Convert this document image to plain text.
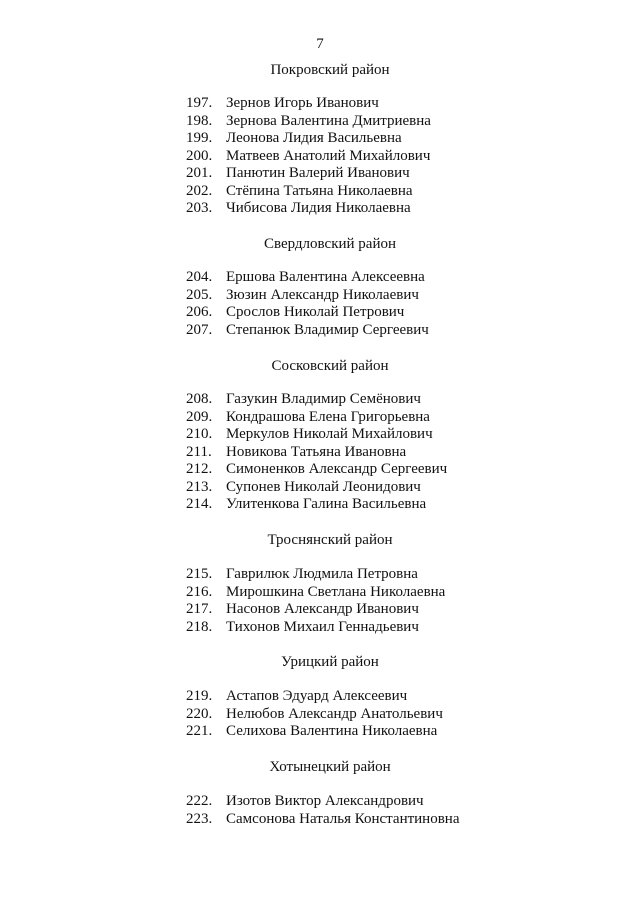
7
Покровский район
197. Зернов Игорь Иванович
198. Зернова Валентина Дмитриевна
199. Леонова Лидия Васильевна
200. Матвеев Анатолий Михайлович
201. Панютин Валерий Иванович
202. Стёпина Татьяна Николаевна
203. Чибисова Лидия Николаевна
Свердловский район
204. Ершова Валентина Алексеевна
205. Зюзин Александр Николаевич
206. Срослов Николай Петрович
207. Степанюк Владимир Сергеевич
Сосковский район
208. Газукин Владимир Семёнович
209. Кондрашова Елена Григорьевна
210. Меркулов Николай Михайлович
211. Новикова Татьяна Ивановна
212. Симоненков Александр Сергеевич
213. Супонев Николай Леонидович
214. Улитенкова Галина Васильевна
Троснянский район
215. Гаврилюк Людмила Петровна
216. Мирошкина Светлана Николаевна
217. Насонов Александр Иванович
218. Тихонов Михаил Геннадьевич
Урицкий район
219. Астапов Эдуард Алексеевич
220. Нелюбов Александр Анатольевич
221. Селихова Валентина Николаевна
Хотынецкий район
222. Изотов Виктор Александрович
223. Самсонова Наталья Константиновна
